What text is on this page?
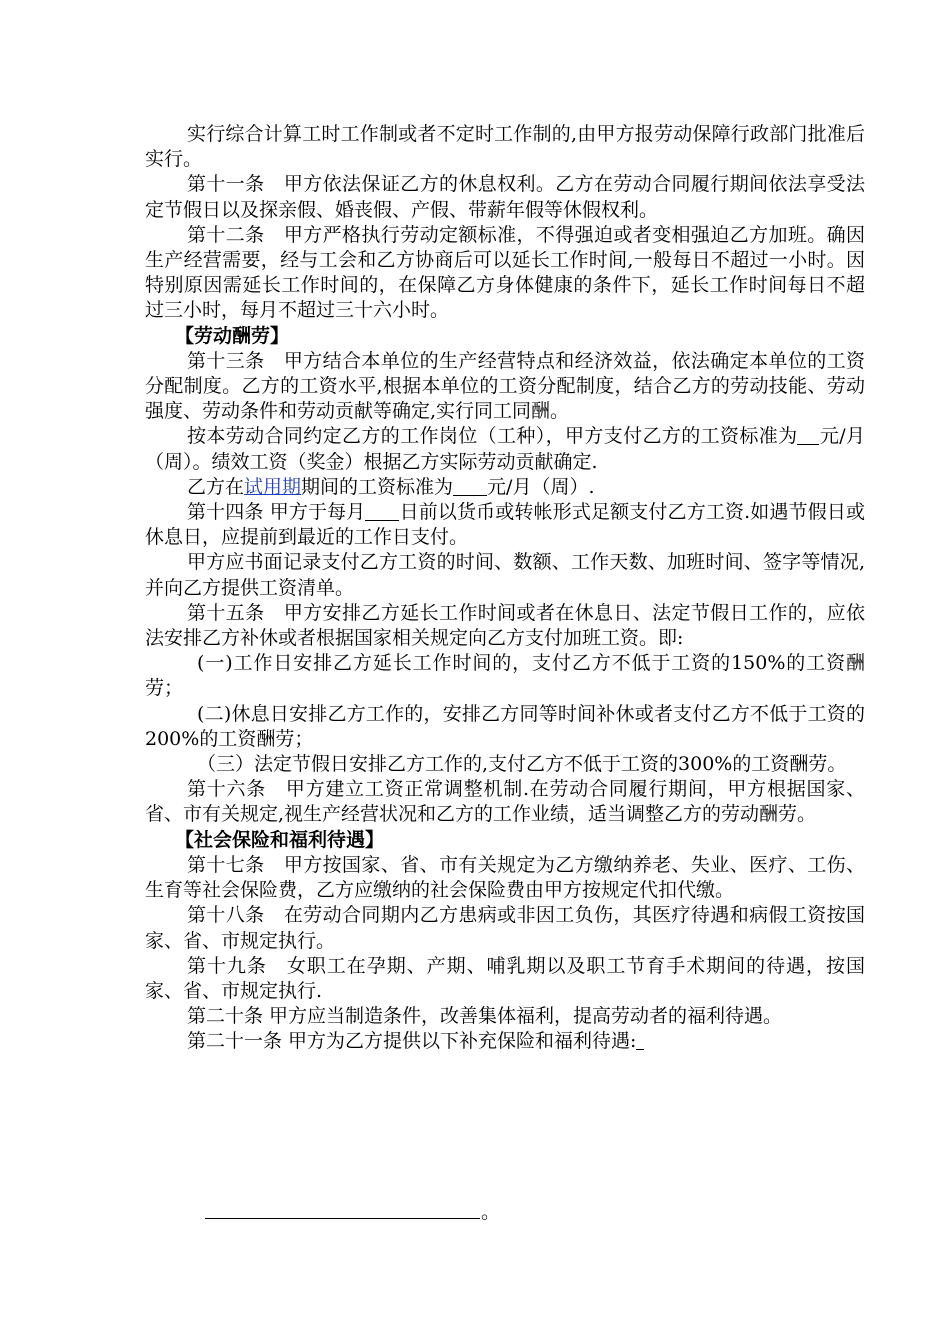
实行综合计算工时工作制或者不定时工作制的,由甲方报劳动保障行政部门批准后实行。

第十一条　甲方依法保证乙方的休息权利。乙方在劳动合同履行期间依法享受法定节假日以及探亲假、婚丧假、产假、带薪年假等休假权利。

第十二条　甲方严格执行劳动定额标准，不得强迫或者变相强迫乙方加班。确因生产经营需要，经与工会和乙方协商后可以延长工作时间,一般每日不超过一小时。因特别原因需延长工作时间的，在保障乙方身体健康的条件下，延长工作时间每日不超过三小时，每月不超过三十六小时。

【劳动酬劳】

第十三条　甲方结合本单位的生产经营特点和经济效益，依法确定本单位的工资分配制度。乙方的工资水平,根据本单位的工资分配制度，结合乙方的劳动技能、劳动强度、劳动条件和劳动贡献等确定,实行同工同酬。

按本劳动合同约定乙方的工作岗位（工种），甲方支付乙方的工资标准为 元/月（周）。绩效工资（奖金）根据乙方实际劳动贡献确定.

乙方在试用期期间的工资标准为 元/月（周）.

第十四条 甲方于每月 日前以货币或转帐形式足额支付乙方工资.如遇节假日或休息日，应提前到最近的工作日支付。

甲方应书面记录支付乙方工资的时间、数额、工作天数、加班时间、签字等情况,并向乙方提供工资清单。

第十五条　甲方安排乙方延长工作时间或者在休息日、法定节假日工作的，应依法安排乙方补休或者根据国家相关规定向乙方支付加班工资。即:

(一)工作日安排乙方延长工作时间的，支付乙方不低于工资的150%的工资酬劳；

(二)休息日安排乙方工作的，安排乙方同等时间补休或者支付乙方不低于工资的200%的工资酬劳；

（三）法定节假日安排乙方工作的,支付乙方不低于工资的300%的工资酬劳。

第十六条　甲方建立工资正常调整机制.在劳动合同履行期间，甲方根据国家、省、市有关规定,视生产经营状况和乙方的工作业绩，适当调整乙方的劳动酬劳。

【社会保险和福利待遇】

第十七条　甲方按国家、省、市有关规定为乙方缴纳养老、失业、医疗、工伤、生育等社会保险费，乙方应缴纳的社会保险费由甲方按规定代扣代缴。

第十八条　在劳动合同期内乙方患病或非因工负伤，其医疗待遇和病假工资按国家、省、市规定执行。

第十九条　女职工在孕期、产期、哺乳期以及职工节育手术期间的待遇，按国家、省、市规定执行.

第二十条 甲方应当制造条件，改善集体福利，提高劳动者的福利待遇。

第二十一条 甲方为乙方提供以下补充保险和福利待遇:

。
